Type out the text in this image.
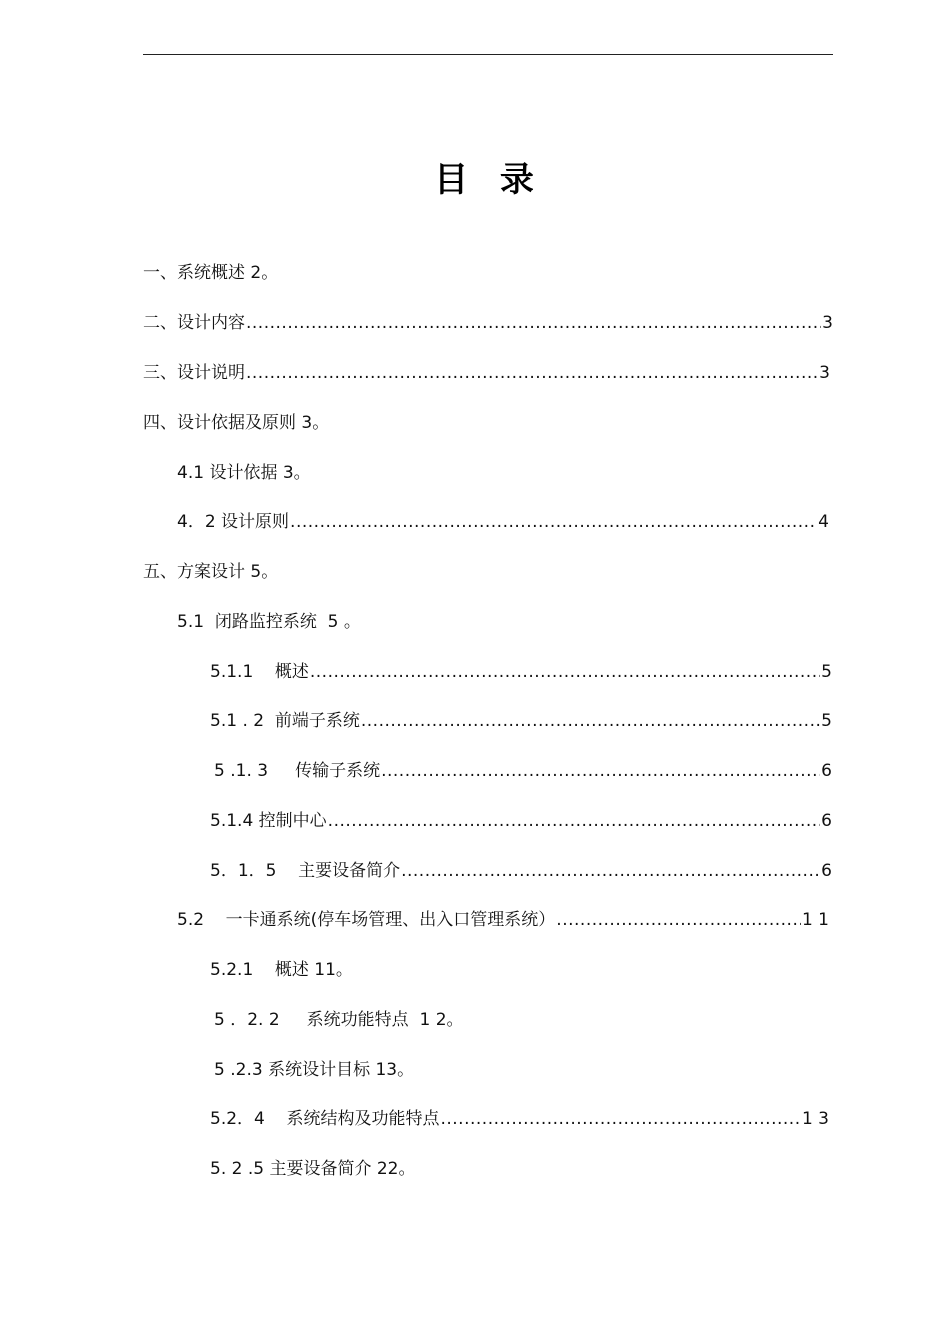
目 录
一、系统概述 2。
二、设计内容 .....	3
三、设计说明 .....	3
四、设计依据及原则 3。
4.1 设计依据 3。
4．2 设计原则 .....	4
五、方案设计 5。
5.1  闭路监控系统  5 。
5.1.1    概述 .....	5
5.1 . 2  前端子系统 .....	5
5 .1. 3     传输子系统 .....	6
5.1.4 控制中心 .....	6
5．1．5    主要设备简介 .....	6
5.2    一卡通系统(停车场管理、出入口管理系统） .....	1 1
5.2.1    概述 11。
5 ．2. 2     系统功能特点  1 2。
5 .2.3 系统设计目标 13。
5.2．4    系统结构及功能特点 .....	1 3
5. 2 .5 主要设备简介 22。
